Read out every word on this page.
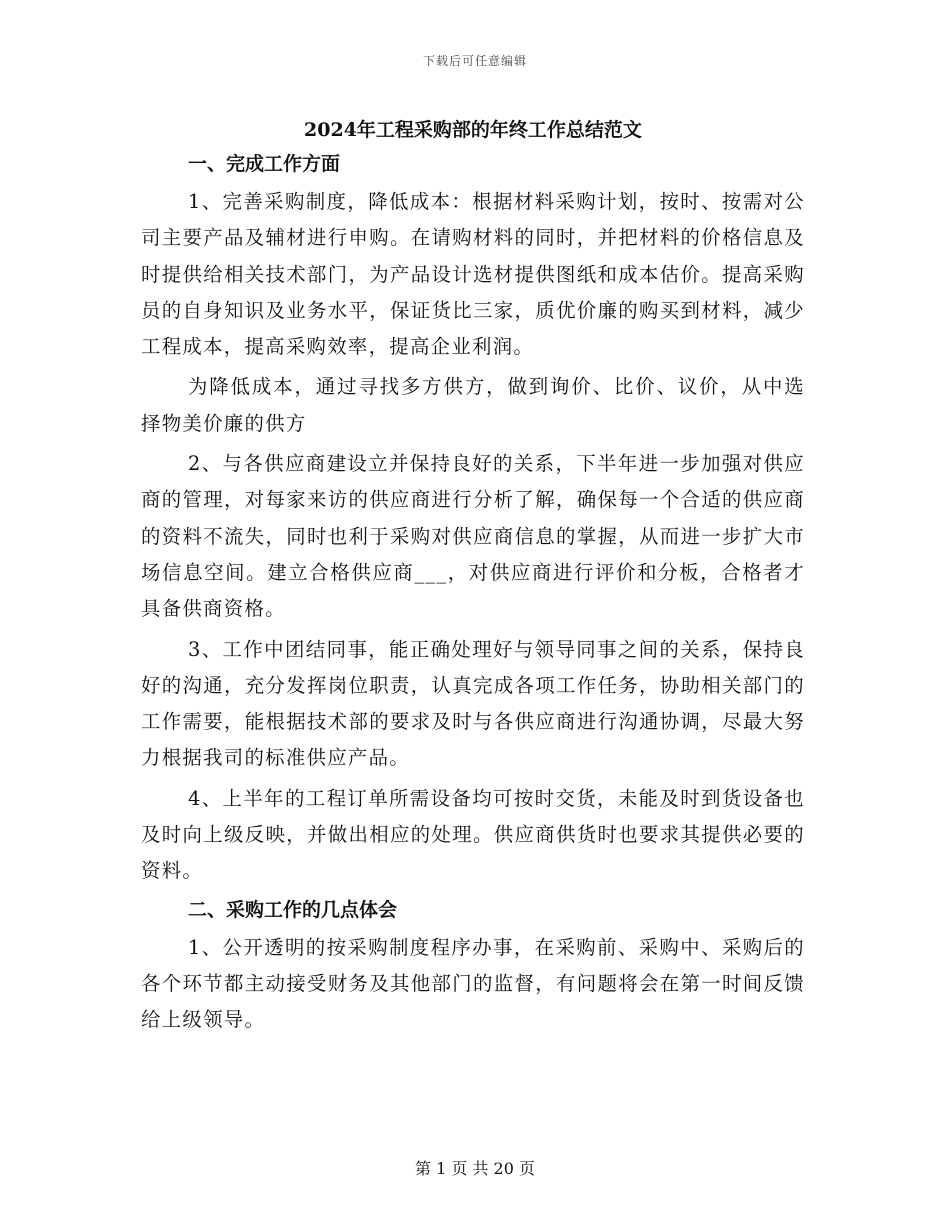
下载后可任意编辑

2024年工程采购部的年终工作总结范文

一、完成工作方面

1、完善采购制度，降低成本：根据材料采购计划，按时、按需对公司主要产品及辅材进行申购。在请购材料的同时，并把材料的价格信息及时提供给相关技术部门，为产品设计选材提供图纸和成本估价。提高采购员的自身知识及业务水平，保证货比三家，质优价廉的购买到材料，减少工程成本，提高采购效率，提高企业利润。

为降低成本，通过寻找多方供方，做到询价、比价、议价，从中选择物美价廉的供方

2、与各供应商建设立并保持良好的关系，下半年进一步加强对供应商的管理，对每家来访的供应商进行分析了解，确保每一个合适的供应商的资料不流失，同时也利于采购对供应商信息的掌握，从而进一步扩大市场信息空间。建立合格供应商___，对供应商进行评价和分板，合格者才具备供商资格。

3、工作中团结同事，能正确处理好与领导同事之间的关系，保持良好的沟通，充分发挥岗位职责，认真完成各项工作任务，协助相关部门的工作需要，能根据技术部的要求及时与各供应商进行沟通协调，尽最大努力根据我司的标准供应产品。

4、上半年的工程订单所需设备均可按时交货，未能及时到货设备也及时向上级反映，并做出相应的处理。供应商供货时也要求其提供必要的资料。

二、采购工作的几点体会

1、公开透明的按采购制度程序办事，在采购前、采购中、采购后的各个环节都主动接受财务及其他部门的监督，有问题将会在第一时间反馈给上级领导。

第 1 页 共 20 页
